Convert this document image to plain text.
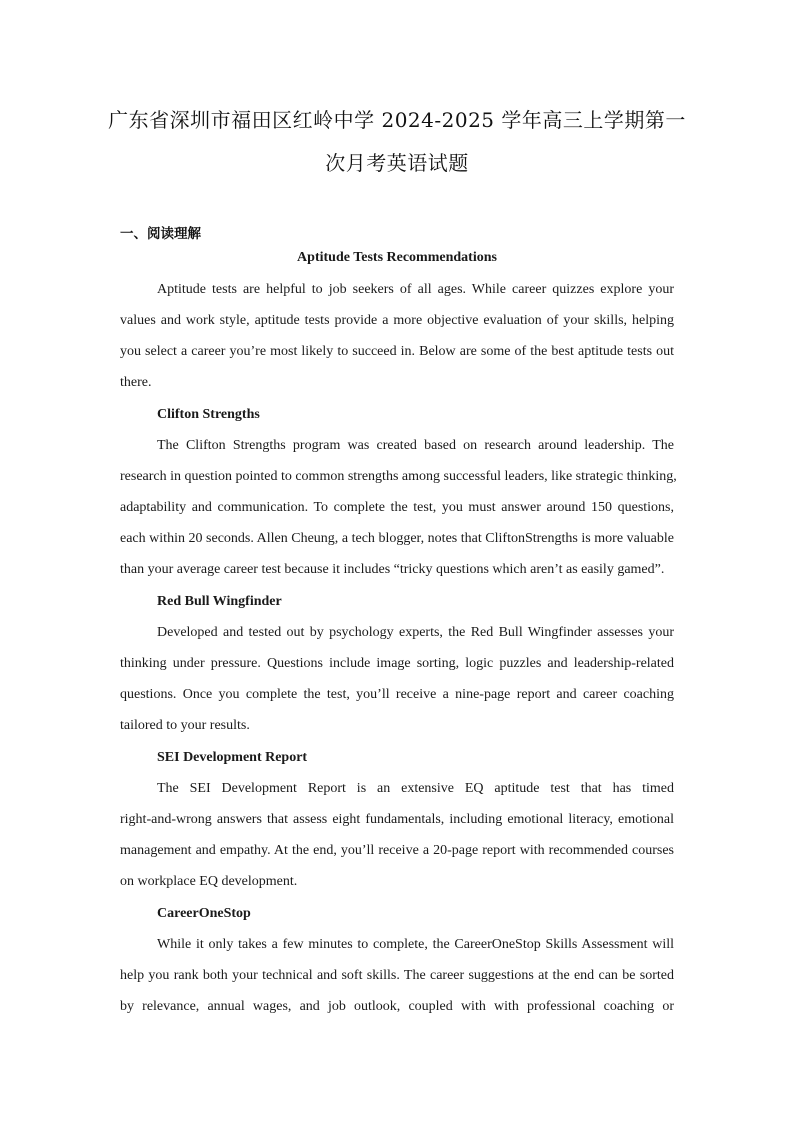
广东省深圳市福田区红岭中学 2024-2025 学年高三上学期第一
次月考英语试题
一、阅读理解
Aptitude Tests Recommendations
Aptitude tests are helpful to job seekers of all ages. While career quizzes explore your
values and work style, aptitude tests provide a more objective evaluation of your skills, helping
you select a career you’re most likely to succeed in. Below are some of the best aptitude tests out
there.
Clifton Strengths
The Clifton Strengths program was created based on research around leadership. The
research in question pointed to common strengths among successful leaders, like strategic thinking,
adaptability and communication. To complete the test, you must answer around 150 questions,
each within 20 seconds. Allen Cheung, a tech blogger, notes that CliftonStrengths is more valuable
than your average career test because it includes “tricky questions which aren’t as easily gamed”.
Red Bull Wingfinder
Developed and tested out by psychology experts, the Red Bull Wingfinder assesses your
thinking under pressure. Questions include image sorting, logic puzzles and leadership-related
questions. Once you complete the test, you’ll receive a nine-page report and career coaching
tailored to your results.
SEI Development Report
The SEI Development Report is an extensive EQ aptitude test that has timed
right-and-wrong answers that assess eight fundamentals, including emotional literacy, emotional
management and empathy. At the end, you’ll receive a 20-page report with recommended courses
on workplace EQ development.
CareerOneStop
While it only takes a few minutes to complete, the CareerOneStop Skills Assessment will
help you rank both your technical and soft skills. The career suggestions at the end can be sorted
by relevance, annual wages, and job outlook, coupled with with professional coaching or
